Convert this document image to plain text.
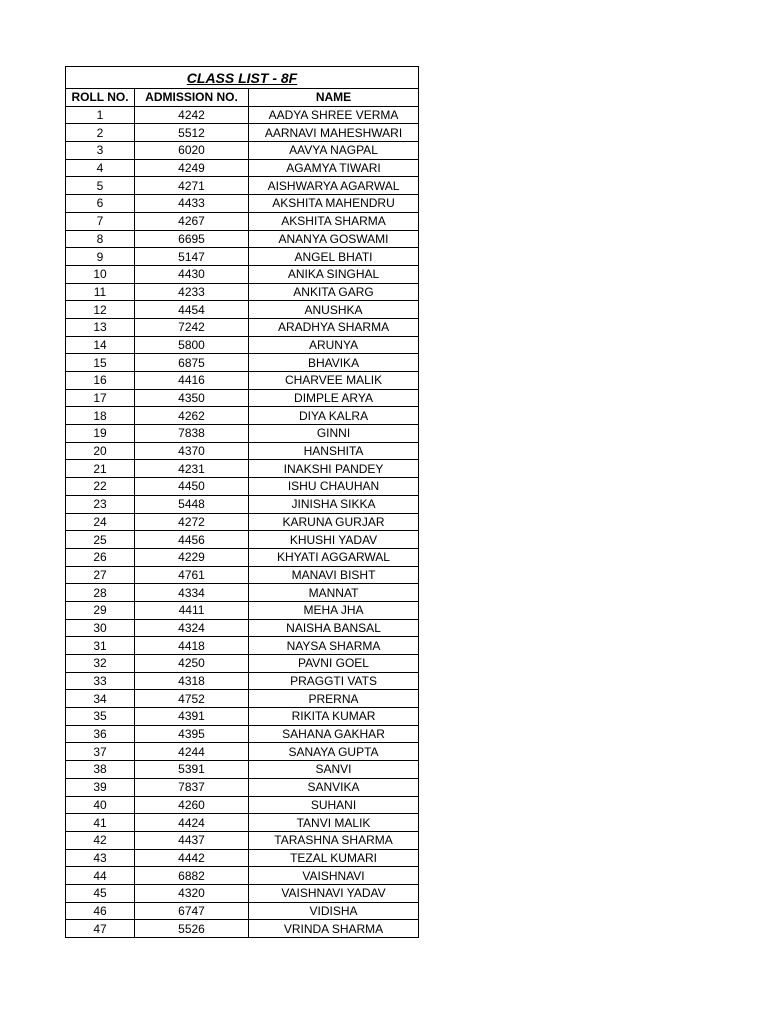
CLASS LIST - 8F		
ROLL NO.	ADMISSION NO.	NAME
1	4242	AADYA SHREE VERMA
2	5512	AARNAVI MAHESHWARI
3	6020	AAVYA NAGPAL
4	4249	AGAMYA TIWARI
5	4271	AISHWARYA AGARWAL
6	4433	AKSHITA MAHENDRU
7	4267	AKSHITA SHARMA
8	6695	ANANYA GOSWAMI
9	5147	ANGEL BHATI
10	4430	ANIKA SINGHAL
11	4233	ANKITA GARG
12	4454	ANUSHKA
13	7242	ARADHYA SHARMA
14	5800	ARUNYA
15	6875	BHAVIKA
16	4416	CHARVEE MALIK
17	4350	DIMPLE ARYA
18	4262	DIYA KALRA
19	7838	GINNI
20	4370	HANSHITA
21	4231	INAKSHI PANDEY
22	4450	ISHU CHAUHAN
23	5448	JINISHA SIKKA
24	4272	KARUNA GURJAR
25	4456	KHUSHI YADAV
26	4229	KHYATI AGGARWAL
27	4761	MANAVI BISHT
28	4334	MANNAT
29	4411	MEHA JHA
30	4324	NAISHA BANSAL
31	4418	NAYSA SHARMA
32	4250	PAVNI GOEL
33	4318	PRAGGTI VATS
34	4752	PRERNA
35	4391	RIKITA KUMAR
36	4395	SAHANA GAKHAR
37	4244	SANAYA GUPTA
38	5391	SANVI
39	7837	SANVIKA
40	4260	SUHANI
41	4424	TANVI MALIK
42	4437	TARASHNA SHARMA
43	4442	TEZAL KUMARI
44	6882	VAISHNAVI
45	4320	VAISHNAVI YADAV
46	6747	VIDISHA
47	5526	VRINDA SHARMA
